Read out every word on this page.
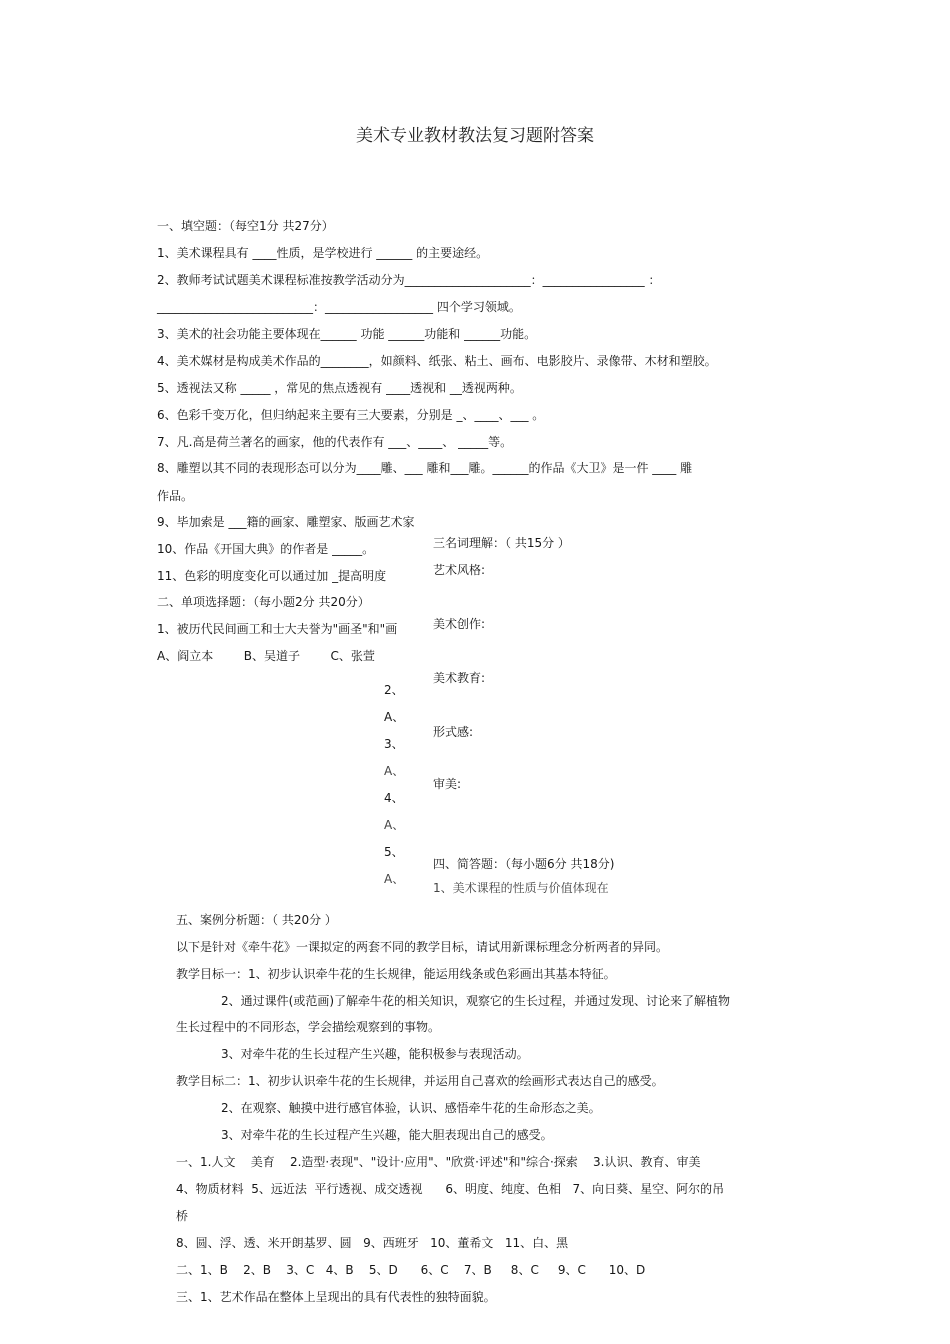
美术专业教材教法复习题附答案
一、填空题：（每空1分 共27分）
1、美术课程具有 ____性质，是学校进行 ______ 的主要途经。
2、教师考试试题美术课程标准按教学活动分为_____________________：_________________ ：
__________________________：__________________ 四个学习领域。
3、美术的社会功能主要体现在______ 功能 ______功能和 ______功能。
4、美术媒材是构成美术作品的________，如颜料、纸张、粘土、画布、电影胶片、录像带、木材和塑胶。
5、透视法又称 _____ ，常见的焦点透视有 ____透视和 __透视两种。
6、色彩千变万化，但归纳起来主要有三大要素，分别是 _、____、___ 。
7、凡.高是荷兰著名的画家，他的代表作有 ___、____、 _____等。
8、雕塑以其不同的表现形态可以分为____雕、___ 雕和___雕。______的作品《大卫》是一件 ____ 雕
作品。
9、毕加索是 ___籍的画家、雕塑家、版画艺术家
10、作品《开国大典》的作者是 _____。
11、色彩的明度变化可以通过加 _提高明度
二、单项选择题：（每小题2分 共20分）
1、被历代民间画工和士大夫誉为"画圣"和"画
A、阎立本        B、吴道子        C、张萱
2、
A、
3、
A、
4、
A、
5、
A、
三名词理解：（ 共15分 ）
艺术风格:
美术创作:
美术教育:
形式感:
审美:
四、简答题：（每小题6分 共18分)
1、美术课程的性质与价值体现在
五、案例分析题：（ 共20分 ）
以下是针对《牵牛花》一课拟定的两套不同的教学目标，请试用新课标理念分析两者的异同。
教学目标一：1、初步认识牵牛花的生长规律，能运用线条或色彩画出其基本特征。
2、通过课件(或范画)了解牵牛花的相关知识，观察它的生长过程，并通过发现、讨论来了解植物
生长过程中的不同形态，学会描绘观察到的事物。
3、对牵牛花的生长过程产生兴趣，能积极参与表现活动。
教学目标二：1、初步认识牵牛花的生长规律，并运用自己喜欢的绘画形式表达自己的感受。
2、在观察、触摸中进行感官体验，认识、感悟牵牛花的生命形态之美。
3、对牵牛花的生长过程产生兴趣，能大胆表现出自己的感受。
一、1.人文    美育    2.造型·表现"、"设计·应用"、"欣赏·评述"和"综合·探索    3.认识、教育、审美
4、物质材料  5、远近法  平行透视、成交透视      6、明度、纯度、色相   7、向日葵、星空、阿尔的吊
桥
8、圆、浮、透、米开朗基罗、圆   9、西班牙   10、董希文   11、白、黑
二、1、B    2、B    3、C   4、B    5、D      6、C    7、B     8、C     9、C      10、D
三、1、艺术作品在整体上呈现出的具有代表性的独特面貌。
